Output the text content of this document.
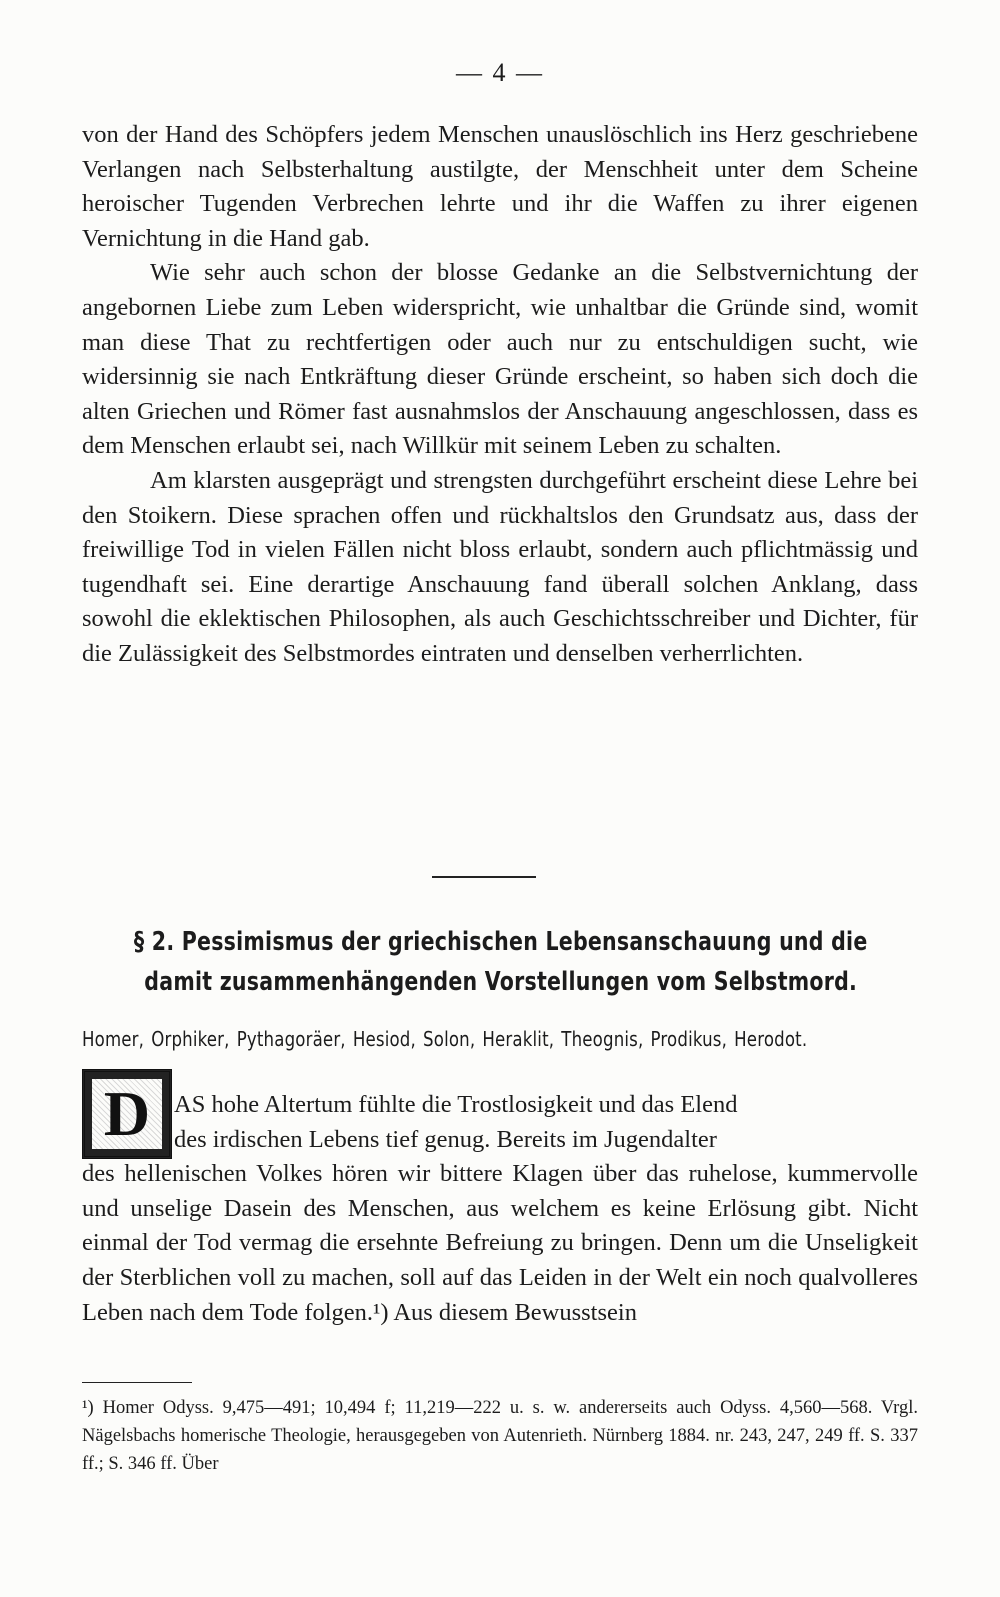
— 4 —

von der Hand des Schöpfers jedem Menschen unauslöschlich ins Herz geschriebene Verlangen nach Selbsterhaltung austilgte, der Menschheit unter dem Scheine heroischer Tugenden Verbrechen lehrte und ihr die Waffen zu ihrer eigenen Vernichtung in die Hand gab.

Wie sehr auch schon der blosse Gedanke an die Selbstvernichtung der angebornen Liebe zum Leben widerspricht, wie unhaltbar die Gründe sind, womit man diese That zu rechtfertigen oder auch nur zu entschuldigen sucht, wie widersinnig sie nach Entkräftung dieser Gründe erscheint, so haben sich doch die alten Griechen und Römer fast ausnahmslos der Anschauung angeschlossen, dass es dem Menschen erlaubt sei, nach Willkür mit seinem Leben zu schalten.

Am klarsten ausgeprägt und strengsten durchgeführt erscheint diese Lehre bei den Stoikern. Diese sprachen offen und rückhaltslos den Grundsatz aus, dass der freiwillige Tod in vielen Fällen nicht bloss erlaubt, sondern auch pflichtmässig und tugendhaft sei. Eine derartige Anschauung fand überall solchen Anklang, dass sowohl die eklektischen Philosophen, als auch Geschichtsschreiber und Dichter, für die Zulässigkeit des Selbstmordes eintraten und denselben verherrlichten.

§ 2. Pessimismus der griechischen Lebensanschauung und die
damit zusammenhängenden Vorstellungen vom Selbstmord.
Homer, Orphiker, Pythagoräer, Hesiod, Solon, Heraklit, Theognis, Prodikus, Herodot.
D AS hohe Altertum fühlte die Trostlosigkeit und das Elend
des irdischen Lebens tief genug. Bereits im Jugendalter

des hellenischen Volkes hören wir bittere Klagen über das ruhelose, kummervolle und unselige Dasein des Menschen, aus welchem es keine Erlösung gibt. Nicht einmal der Tod vermag die ersehnte Befreiung zu bringen. Denn um die Unseligkeit der Sterblichen voll zu machen, soll auf das Leiden in der Welt ein noch qualvolleres Leben nach dem Tode folgen.¹) Aus diesem Bewusstsein

¹) Homer Odyss. 9,475—491; 10,494 f; 11,219—222 u. s. w. andererseits auch Odyss. 4,560—568. Vrgl. Nägelsbachs homerische Theologie, herausgegeben von Autenrieth. Nürnberg 1884. nr. 243, 247, 249 ff. S. 337 ff.; S. 346 ff. Über
